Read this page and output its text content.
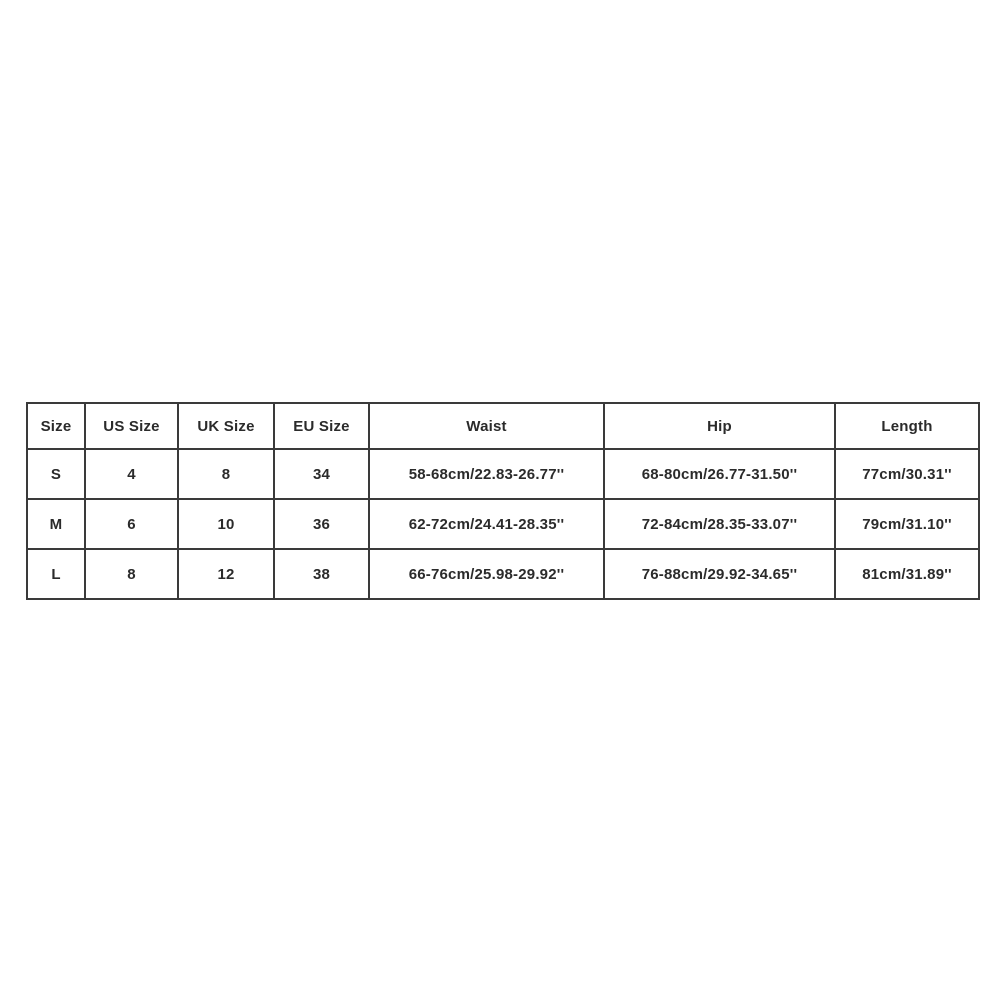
Size	US Size	UK Size	EU Size	Waist	Hip	Length
S	4	8	34	58-68cm/22.83-26.77''	68-80cm/26.77-31.50''	77cm/30.31''
M	6	10	36	62-72cm/24.41-28.35''	72-84cm/28.35-33.07''	79cm/31.10''
L	8	12	38	66-76cm/25.98-29.92''	76-88cm/29.92-34.65''	81cm/31.89''
